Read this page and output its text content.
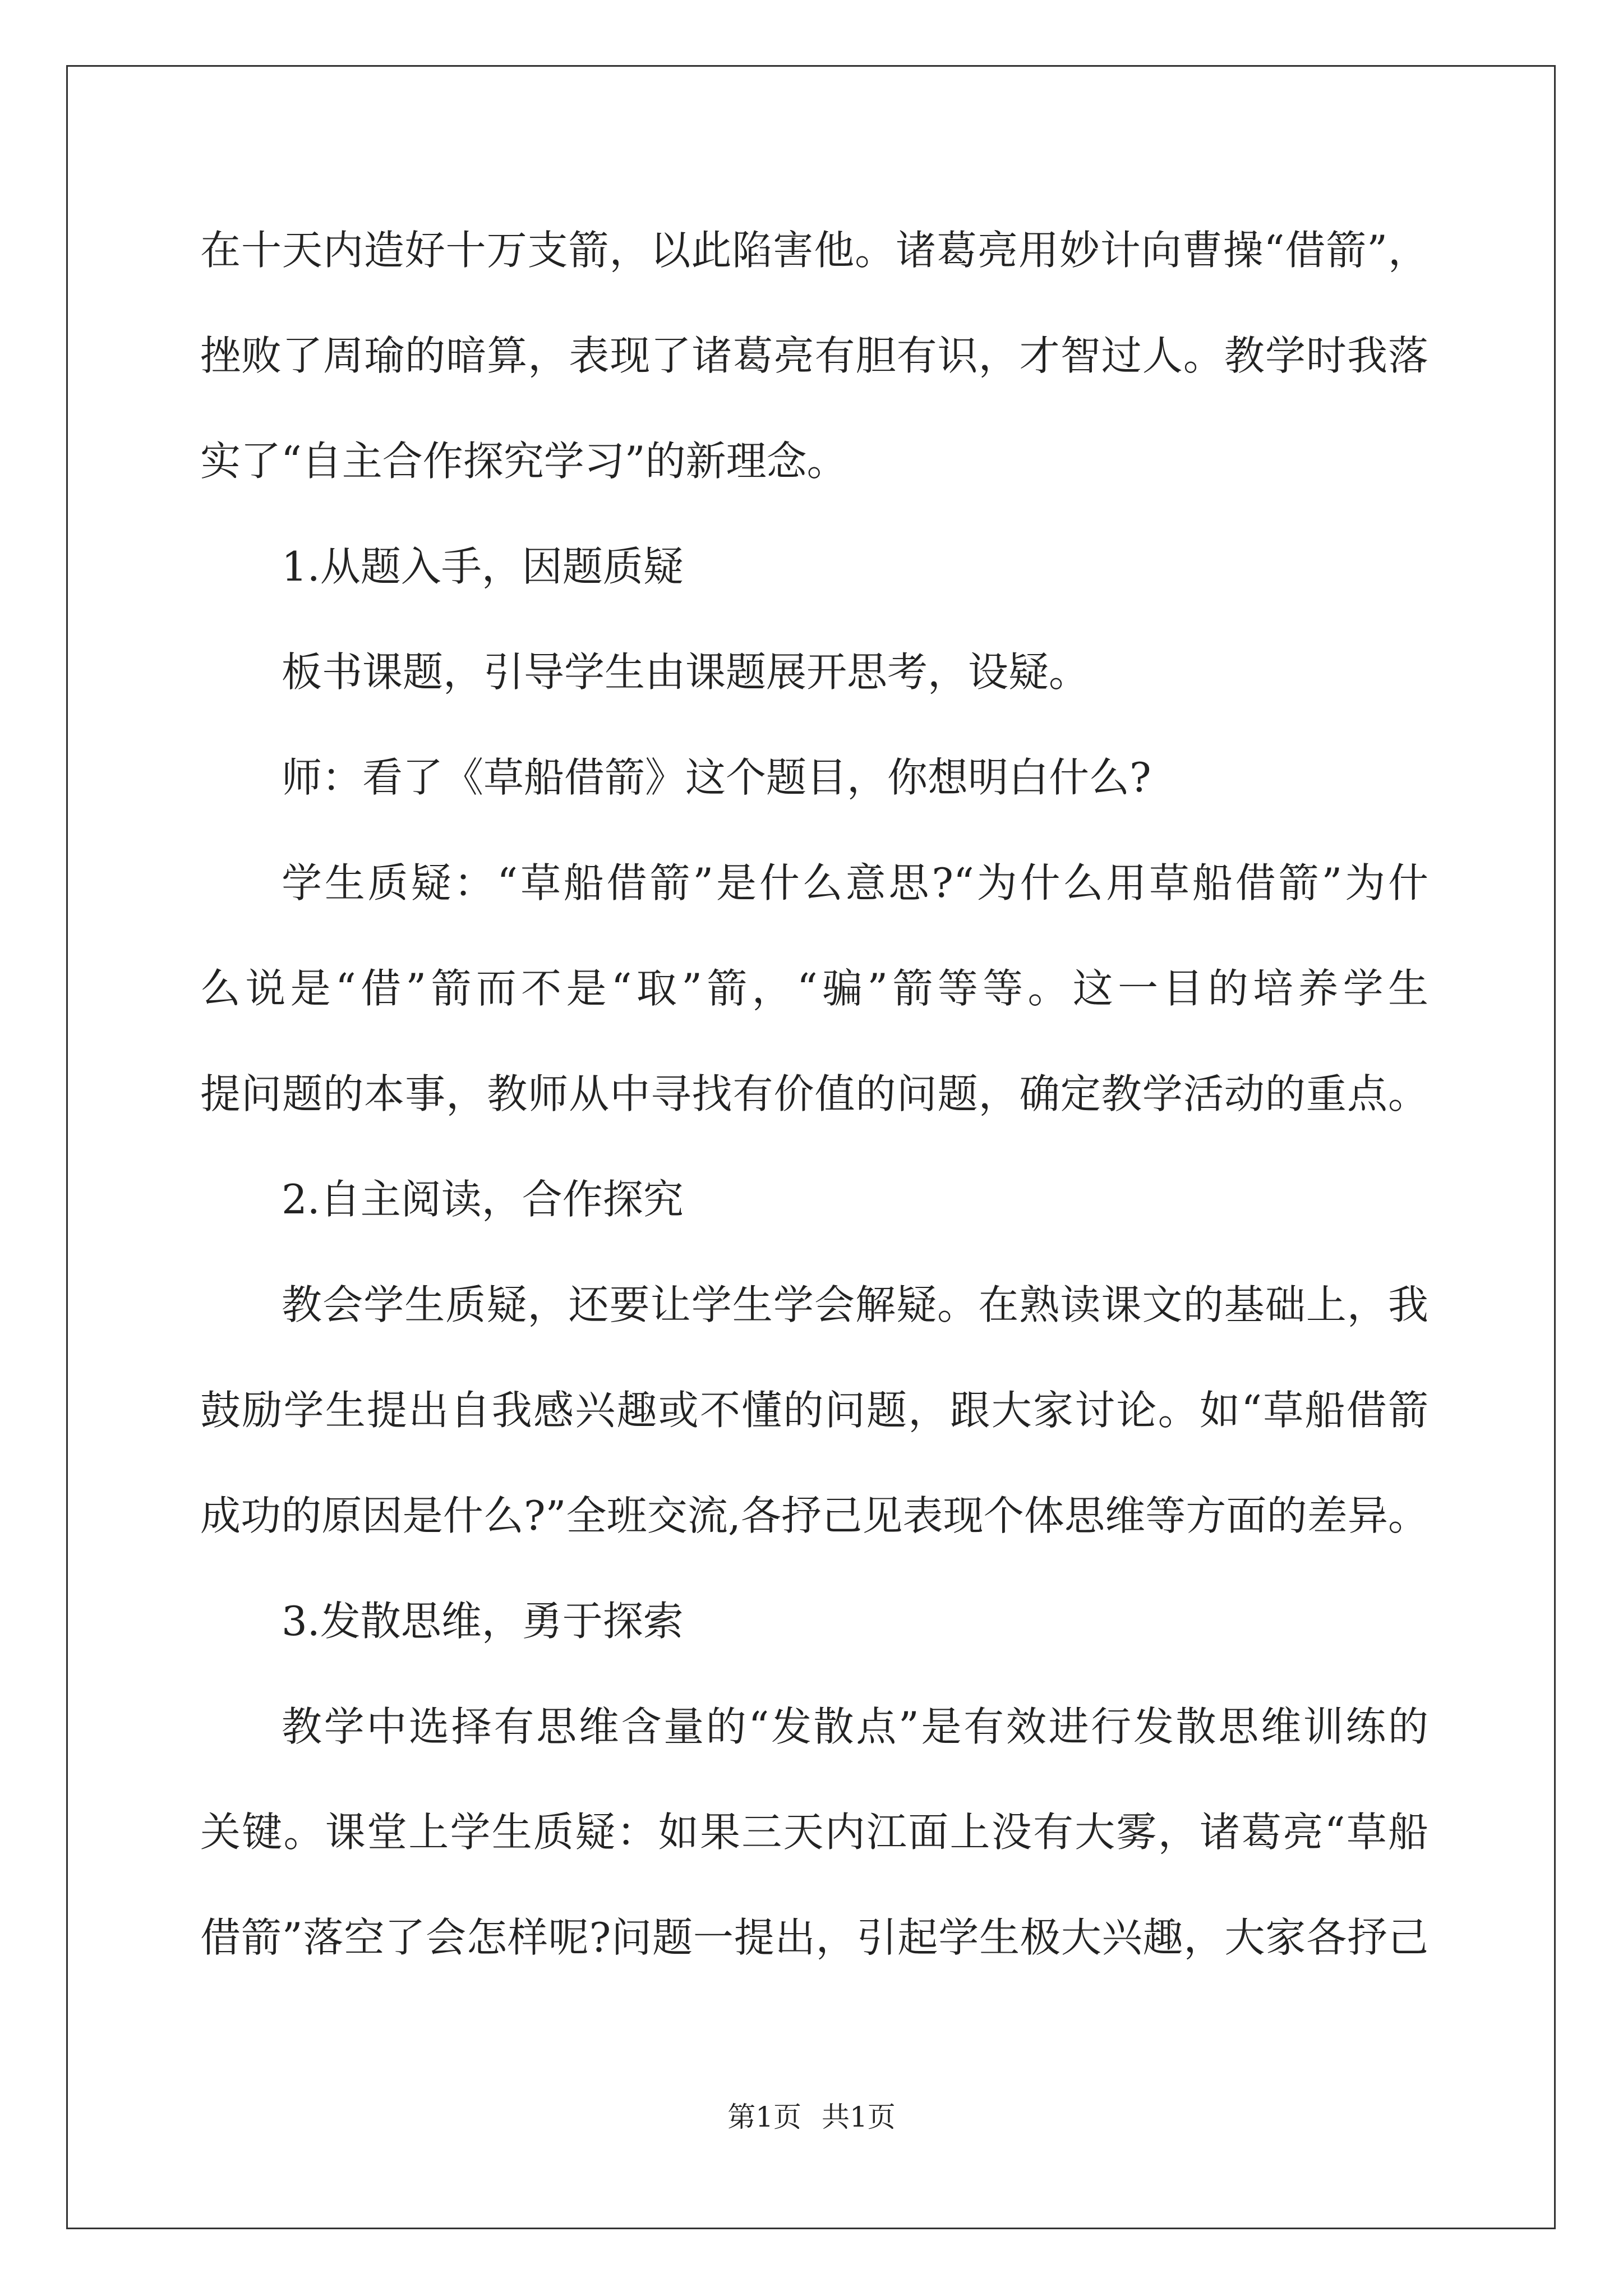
在十天内造好十万支箭，以此陷害他。诸葛亮用妙计向曹操“借箭”，
挫败了周瑜的暗算，表现了诸葛亮有胆有识，才智过人。教学时我落
实了“自主合作探究学习”的新理念。
1.从题入手，因题质疑
板书课题，引导学生由课题展开思考，设疑。
师：看了《草船借箭》这个题目，你想明白什么?
学生质疑：“草船借箭”是什么意思?“为什么用草船借箭”为什
么说是“借”箭而不是“取”箭，“骗”箭等等。这一目的培养学生
提问题的本事，教师从中寻找有价值的问题，确定教学活动的重点。
2.自主阅读，合作探究
教会学生质疑，还要让学生学会解疑。在熟读课文的基础上，我
鼓励学生提出自我感兴趣或不懂的问题，跟大家讨论。如“草船借箭
成功的原因是什么?”全班交流,各抒己见表现个体思维等方面的差异。
3.发散思维，勇于探索
教学中选择有思维含量的“发散点”是有效进行发散思维训练的
关键。课堂上学生质疑：如果三天内江面上没有大雾，诸葛亮“草船
借箭”落空了会怎样呢?问题一提出，引起学生极大兴趣，大家各抒己
第1页 共1页
